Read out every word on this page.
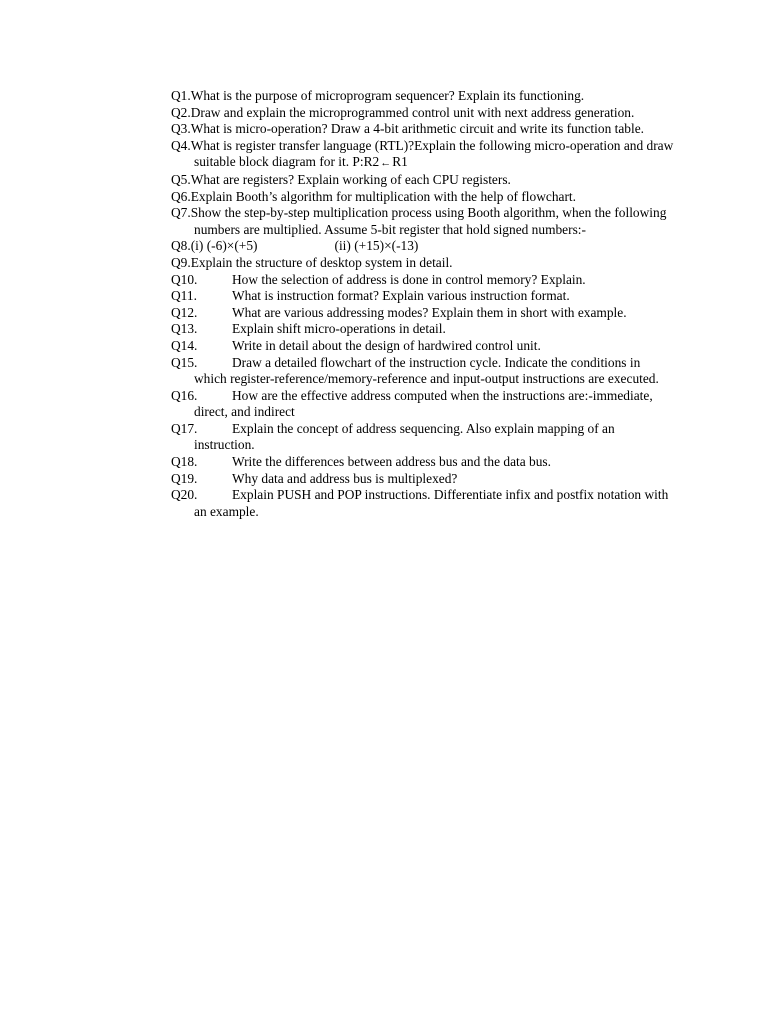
Q1.What is the purpose of microprogram sequencer? Explain its functioning.

Q2.Draw and explain the microprogrammed control unit with next address generation.

Q3.What is micro-operation? Draw a 4-bit arithmetic circuit and write its function table.

Q4.What is register transfer language (RTL)?Explain the following micro-operation and draw suitable block diagram for it. P:R2←R1

Q5.What are registers? Explain working of each CPU registers.

Q6.Explain Booth’s algorithm for multiplication with the help of flowchart.

Q7.Show the step-by-step multiplication process using Booth algorithm, when the following numbers are multiplied. Assume 5-bit register that hold signed numbers:-

Q8.(i) (-6)×(+5)	(ii) (+15)×(-13)

Q9.Explain the structure of desktop system in detail.

Q10.	How the selection of address is done in control memory? Explain.

Q11.	What is instruction format? Explain various instruction format.

Q12.	What are various addressing modes? Explain them in short with example.

Q13.	Explain shift micro-operations in detail.

Q14.	Write in detail about the design of hardwired control unit.

Q15.	Draw a detailed flowchart of the instruction cycle. Indicate the conditions in which register-reference/memory-reference and input-output instructions are executed.

Q16.	How are the effective address computed when the instructions are:-immediate, direct, and indirect

Q17.	Explain the concept of address sequencing. Also explain mapping of an instruction.

Q18.	Write the differences between address bus and the data bus.

Q19.	Why data and address bus is multiplexed?

Q20.	Explain PUSH and POP instructions. Differentiate infix and postfix notation with an example.
